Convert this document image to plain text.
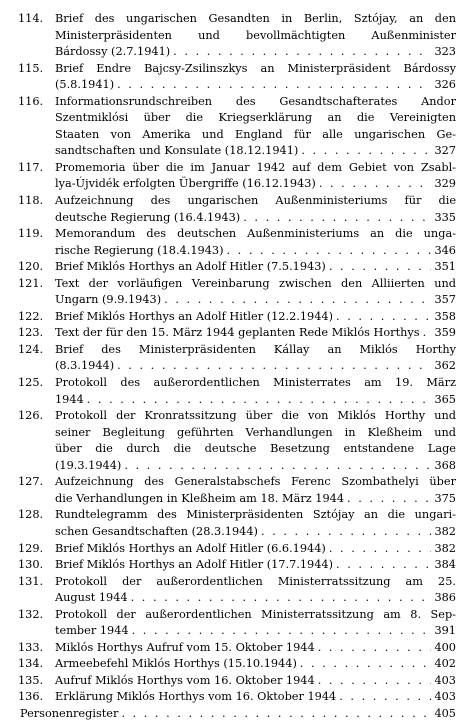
114.	Brief des ungarischen Gesandten in Berlin, Sztójay, an den
Ministerpräsidenten und bevollmächtigten Außenminister
Bárdossy (2.7.1941) . . .	323
115.	Brief Endre Bajcsy-Zsilinszkys an Ministerpräsident Bárdossy
(5.8.1941) . . .	326
116.	Informationsrundschreiben des Gesandtschafterates Andor
Szentmiklósi über die Kriegserklärung an die Vereinigten
Staaten von Amerika und England für alle ungarischen Ge-
sandtschaften und Konsulate (18.12.1941) . . .	327
117.	Promemoria über die im Januar 1942 auf dem Gebiet von Zsabl-
lya-Újvidék erfolgten Übergriffe (16.12.1943) . . .	329
118.	Aufzeichnung des ungarischen Außenministeriums für die
deutsche Regierung (16.4.1943) . . .	335
119.	Memorandum des deutschen Außenministeriums an die unga-
rische Regierung (18.4.1943) . . .	346
120.	Brief Miklós Horthys an Adolf Hitler (7.5.1943) . . .	351
121.	Text der vorläufigen Vereinbarung zwischen den Alliierten und
Ungarn (9.9.1943) . . .	357
122.	Brief Miklós Horthys an Adolf Hitler (12.2.1944) . . .	358
123.	Text der für den 15. März 1944 geplanten Rede Miklós Horthys . . . 359
124.	Brief des Ministerpräsidenten Kállay an Miklós Horthy
(8.3.1944) . . .	362
125.	Protokoll des außerordentlichen Ministerrates am 19. März
1944 . . .	365
126.	Protokoll der Kronratssitzung über die von Miklós Horthy und
seiner Begleitung geführten Verhandlungen in Kleßheim und
über die durch die deutsche Besetzung entstandene Lage
(19.3.1944) . . .	368
127.	Aufzeichnung des Generalstabschefs Ferenc Szombathelyi über
die Verhandlungen in Kleßheim am 18. März 1944 . . .	375
128.	Rundtelegramm des Ministerpräsidenten Sztójay an die ungari-
schen Gesandtschaften (28.3.1944) . . .	382
129.	Brief Miklós Horthys an Adolf Hitler (6.6.1944) . . .	382
130.	Brief Miklós Horthys an Adolf Hitler (17.7.1944) . . .	384
131.	Protokoll der außerordentlichen Ministerratssitzung am 25.
August 1944 . . .	386
132.	Protokoll der außerordentlichen Ministerratssitzung am 8. Sep-
tember 1944 . . .	391
133.	Miklós Horthys Aufruf vom 15. Oktober 1944 . . .	400
134.	Armeebefehl Miklós Horthys (15.10.1944) . . .	402
135.	Aufruf Miklós Horthys vom 16. Oktober 1944 . . .	403
136.	Erklärung Miklós Horthys vom 16. Oktober 1944 . . .	403
Personenregister . . .	405
